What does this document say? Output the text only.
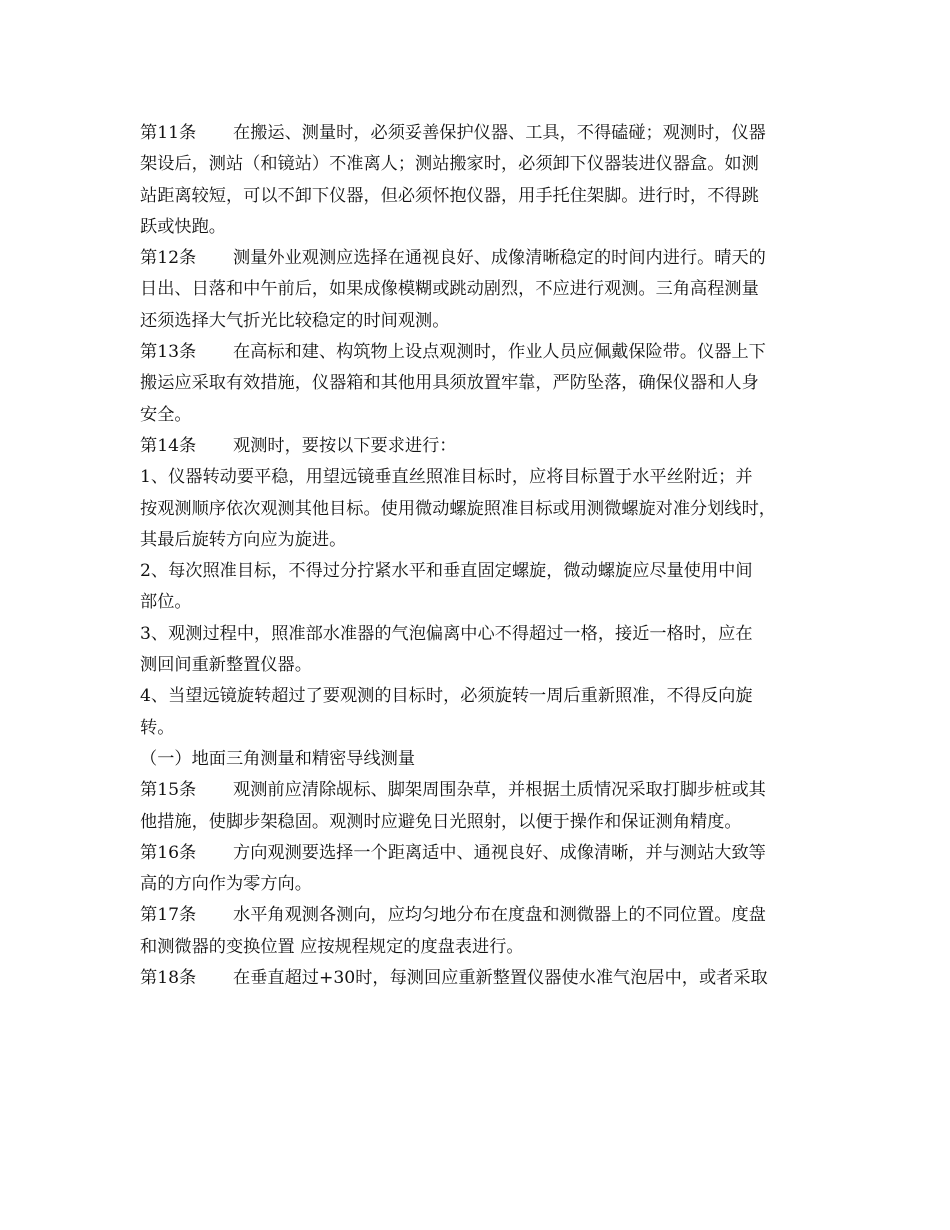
第11条 在搬运、测量时，必须妥善保护仪器、工具，不得磕碰；观测时，仪器
架设后，测站（和镜站）不准离人；测站搬家时，必须卸下仪器装进仪器盒。如测
站距离较短，可以不卸下仪器，但必须怀抱仪器，用手托住架脚。进行时，不得跳
跃或快跑。
第12条 测量外业观测应选择在通视良好、成像清晰稳定的时间内进行。晴天的
日出、日落和中午前后，如果成像模糊或跳动剧烈，不应进行观测。三角高程测量
还须选择大气折光比较稳定的时间观测。
第13条 在高标和建、构筑物上设点观测时，作业人员应佩戴保险带。仪器上下
搬运应采取有效措施，仪器箱和其他用具须放置牢靠，严防坠落，确保仪器和人身
安全。
第14条 观测时，要按以下要求进行：
1、仪器转动要平稳，用望远镜垂直丝照准目标时，应将目标置于水平丝附近；并
按观测顺序依次观测其他目标。使用微动螺旋照准目标或用测微螺旋对准分划线时，
其最后旋转方向应为旋进。
2、每次照准目标，不得过分拧紧水平和垂直固定螺旋，微动螺旋应尽量使用中间
部位。
3、观测过程中，照准部水准器的气泡偏离中心不得超过一格，接近一格时，应在
测回间重新整置仪器。
4、当望远镜旋转超过了要观测的目标时，必须旋转一周后重新照准，不得反向旋
转。
（一）地面三角测量和精密导线测量
第15条 观测前应清除觇标、脚架周围杂草，并根据土质情况采取打脚步桩或其
他措施，使脚步架稳固。观测时应避免日光照射，以便于操作和保证测角精度。
第16条 方向观测要选择一个距离适中、通视良好、成像清晰，并与测站大致等
高的方向作为零方向。
第17条 水平角观测各测向，应均匀地分布在度盘和测微器上的不同位置。度盘
和测微器的变换位置 应按规程规定的度盘表进行。
第18条 在垂直超过+30时，每测回应重新整置仪器使水准气泡居中，或者采取
